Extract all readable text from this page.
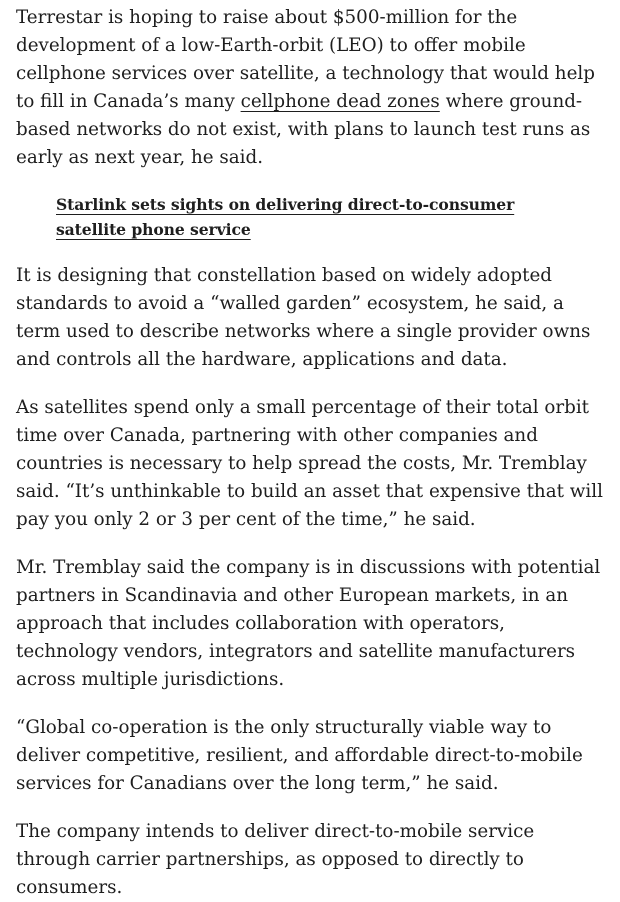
Terrestar is hoping to raise about $500-million for the development of a low-Earth-orbit (LEO) to offer mobile cellphone services over satellite, a technology that would help to fill in Canada’s many cellphone dead zones where ground-based networks do not exist, with plans to launch test runs as early as next year, he said.

Starlink sets sights on delivering direct-to-consumer satellite phone service

It is designing that constellation based on widely adopted standards to avoid a “walled garden” ecosystem, he said, a term used to describe networks where a single provider owns and controls all the hardware, applications and data.

As satellites spend only a small percentage of their total orbit time over Canada, partnering with other companies and countries is necessary to help spread the costs, Mr. Tremblay said. “It’s unthinkable to build an asset that expensive that will pay you only 2 or 3 per cent of the time,” he said.

Mr. Tremblay said the company is in discussions with potential partners in Scandinavia and other European markets, in an approach that includes collaboration with operators, technology vendors, integrators and satellite manufacturers across multiple jurisdictions.

“Global co-operation is the only structurally viable way to deliver competitive, resilient, and affordable direct-to-mobile services for Canadians over the long term,” he said.

The company intends to deliver direct-to-mobile service through carrier partnerships, as opposed to directly to consumers.
